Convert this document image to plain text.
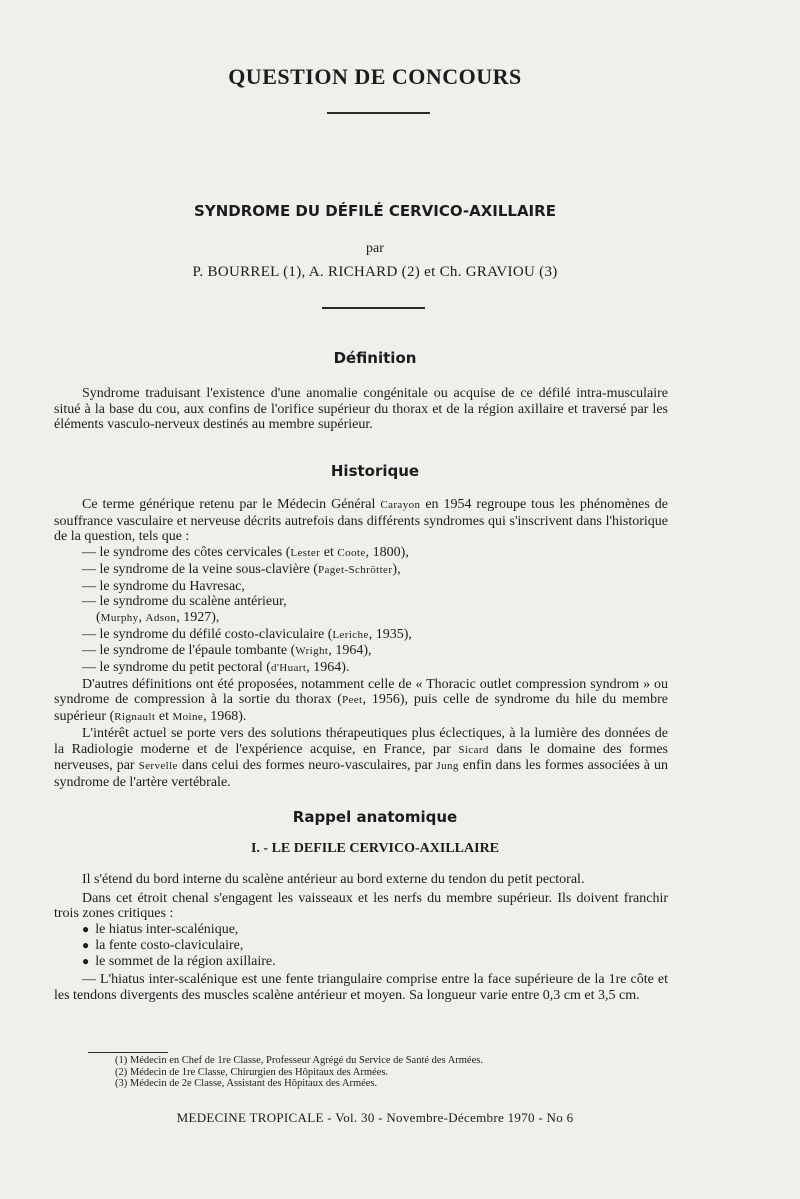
QUESTION DE CONCOURS
SYNDROME DU DÉFILÉ CERVICO-AXILLAIRE
par
P. BOURREL (1), A. RICHARD (2) et Ch. GRAVIOU (3)
Définition

Syndrome traduisant l'existence d'une anomalie congénitale ou acquise de ce défilé intra-musculaire situé à la base du cou, aux confins de l'orifice supérieur du thorax et de la région axillaire et traversé par les éléments vasculo-nerveux destinés au membre supérieur.

Historique

Ce terme générique retenu par le Médecin Général Carayon en 1954 regroupe tous les phénomènes de souffrance vasculaire et nerveuse décrits autrefois dans différents syndromes qui s'inscrivent dans l'historique de la question, tels que :

— le syndrome des côtes cervicales (Lester et Coote, 1800),
— le syndrome de la veine sous-clavière (Paget-Schrötter),
— le syndrome du Havresac,
— le syndrome du scalène antérieur,
(Murphy, Adson, 1927),
— le syndrome du défilé costo-claviculaire (Leriche, 1935),
— le syndrome de l'épaule tombante (Wright, 1964),
— le syndrome du petit pectoral (d'Huart, 1964).

D'autres définitions ont été proposées, notamment celle de « Thoracic outlet compression syndrom » ou syndrome de compression à la sortie du thorax (Peet, 1956), puis celle de syndrome du hile du membre supérieur (Rignault et Moine, 1968).

L'intérêt actuel se porte vers des solutions thérapeutiques plus éclectiques, à la lumière des données de la Radiologie moderne et de l'expérience acquise, en France, par Sicard dans le domaine des formes nerveuses, par Servelle dans celui des formes neuro-vasculaires, par Jung enfin dans les formes associées à un syndrome de l'artère vertébrale.

Rappel anatomique
I. - LE DEFILE CERVICO-AXILLAIRE

Il s'étend du bord interne du scalène antérieur au bord externe du tendon du petit pectoral.

Dans cet étroit chenal s'engagent les vaisseaux et les nerfs du membre supérieur. Ils doivent franchir trois zones critiques :

● le hiatus inter-scalénique,
● la fente costo-claviculaire,
● le sommet de la région axillaire.

— L'hiatus inter-scalénique est une fente triangulaire comprise entre la face supérieure de la 1re côte et les tendons divergents des muscles scalène antérieur et moyen. Sa longueur varie entre 0,3 cm et 3,5 cm.

(1) Médecin en Chef de 1re Classe, Professeur Agrégé du Service de Santé des Armées.
(2) Médecin de 1re Classe, Chirurgien des Hôpitaux des Armées.
(3) Médecin de 2e Classe, Assistant des Hôpitaux des Armées.
MEDECINE TROPICALE - Vol. 30 - Novembre-Décembre 1970 - No 6
